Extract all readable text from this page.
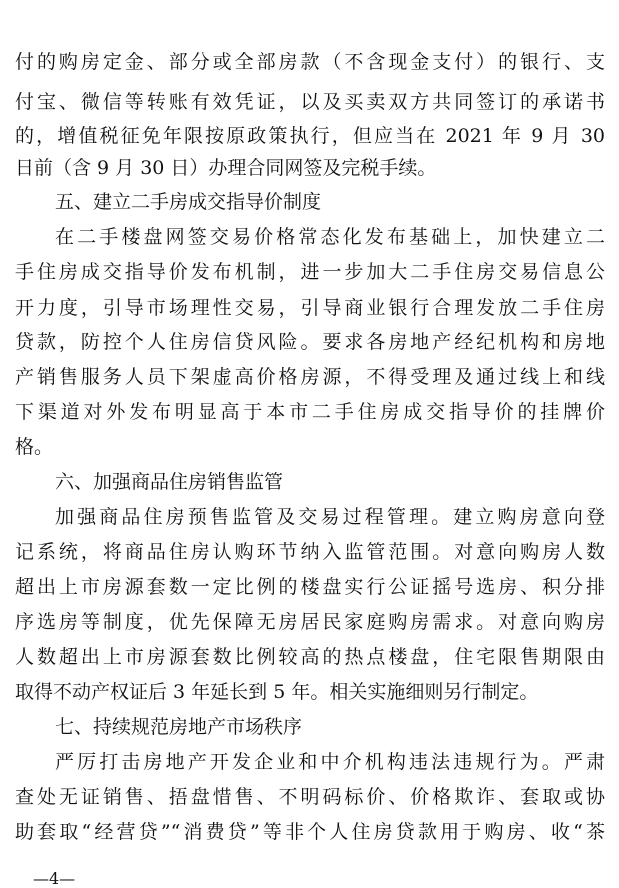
付的购房定金、部分或全部房款（不含现金支付）的银行、支
付宝、微信等转账有效凭证，以及买卖双方共同签订的承诺书
的，增值税征免年限按原政策执行，但应当在 2021 年 9 月 30
日前（含 9 月 30 日）办理合同网签及完税手续。
五、建立二手房成交指导价制度
在二手楼盘网签交易价格常态化发布基础上，加快建立二
手住房成交指导价发布机制，进一步加大二手住房交易信息公
开力度，引导市场理性交易，引导商业银行合理发放二手住房
贷款，防控个人住房信贷风险。要求各房地产经纪机构和房地
产销售服务人员下架虚高价格房源，不得受理及通过线上和线
下渠道对外发布明显高于本市二手住房成交指导价的挂牌价
格。
六、加强商品住房销售监管
加强商品住房预售监管及交易过程管理。建立购房意向登
记系统，将商品住房认购环节纳入监管范围。对意向购房人数
超出上市房源套数一定比例的楼盘实行公证摇号选房、积分排
序选房等制度，优先保障无房居民家庭购房需求。对意向购房
人数超出上市房源套数比例较高的热点楼盘，住宅限售期限由
取得不动产权证后 3 年延长到 5 年。相关实施细则另行制定。
七、持续规范房地产市场秩序
严厉打击房地产开发企业和中介机构违法违规行为。严肃
查处无证销售、捂盘惜售、不明码标价、价格欺诈、套取或协
助套取“经营贷”“消费贷”等非个人住房贷款用于购房、收“茶
—4—
